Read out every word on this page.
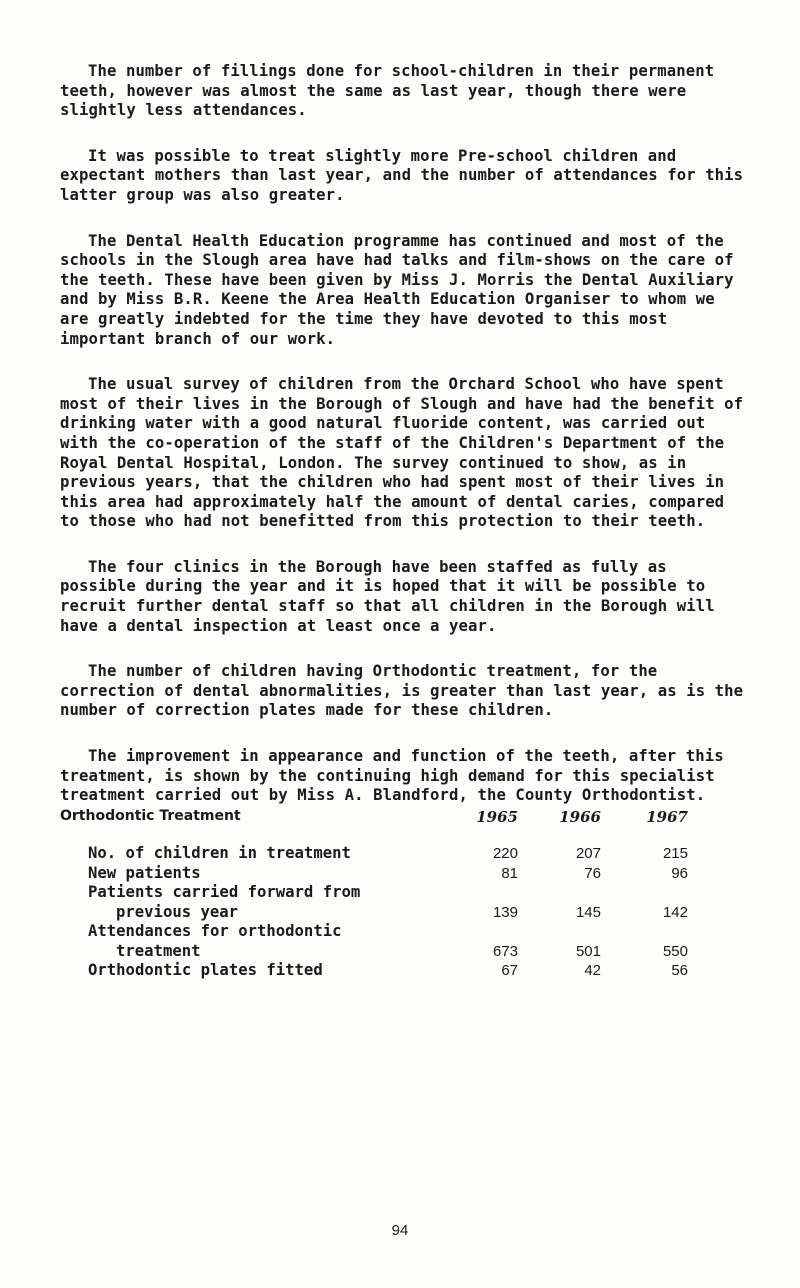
The number of fillings done for school-children in their permanent teeth, however was almost the same as last year, though there were slightly less attendances.

It was possible to treat slightly more Pre-school children and expectant mothers than last year, and the number of attendances for this latter group was also greater.

The Dental Health Education programme has continued and most of the schools in the Slough area have had talks and film-shows on the care of the teeth. These have been given by Miss J. Morris the Dental Auxiliary and by Miss B.R. Keene the Area Health Education Organiser to whom we are greatly indebted for the time they have devoted to this most important branch of our work.

The usual survey of children from the Orchard School who have spent most of their lives in the Borough of Slough and have had the benefit of drinking water with a good natural fluoride content, was carried out with the co-operation of the staff of the Children's Department of the Royal Dental Hospital, London. The survey continued to show, as in previous years, that the children who had spent most of their lives in this area had approximately half the amount of dental caries, compared to those who had not benefitted from this protection to their teeth.

The four clinics in the Borough have been staffed as fully as possible during the year and it is hoped that it will be possible to recruit further dental staff so that all children in the Borough will have a dental inspection at least once a year.

The number of children having Orthodontic treatment, for the correction of dental abnormalities, is greater than last year, as is the number of correction plates made for these children.

The improvement in appearance and function of the teeth, after this treatment, is shown by the continuing high demand for this specialist treatment carried out by Miss A. Blandford, the County Orthodontist.

Orthodontic Treatment	1965	1966	1967
No. of children in treatment	220	207	215
New patients	81	76	96
Patients carried forward from
previous year	139	145	142
Attendances for orthodontic
treatment	673	501	550
Orthodontic plates fitted	67	42	56
94
